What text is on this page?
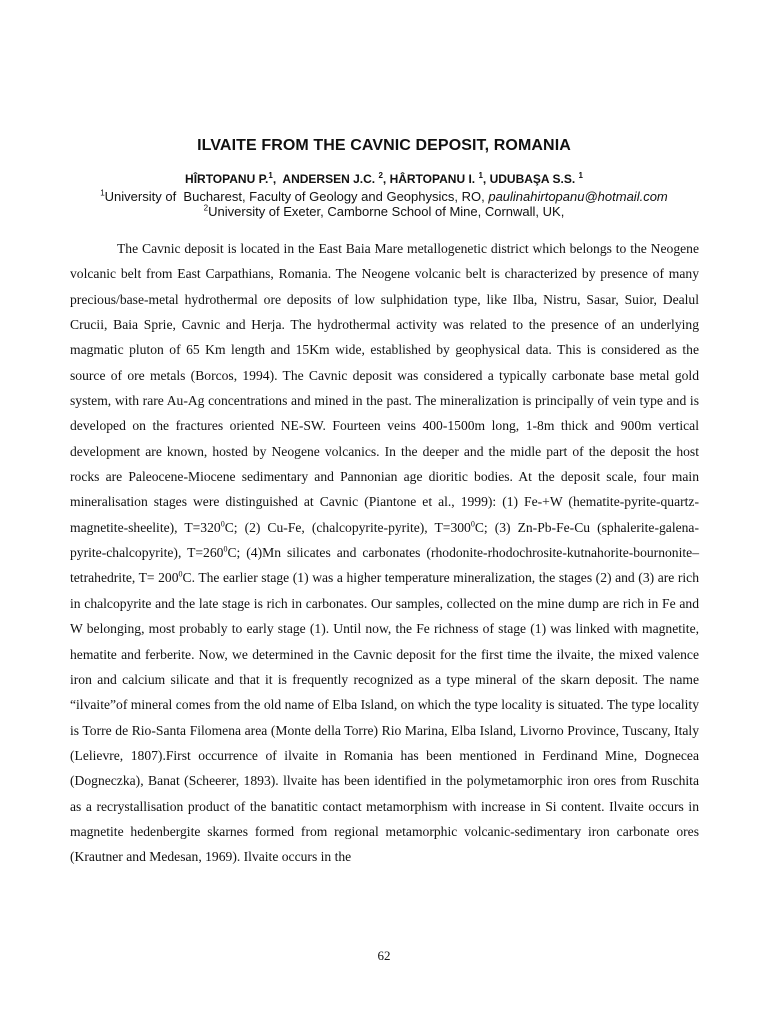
ILVAITE FROM THE CAVNIC DEPOSIT, ROMANIA
HÎRTOPANU P.$^1$,  ANDERSEN J.C. $^2$, HÂRTOPANU I. $^1$, UDUBAŞA S.S. $^1$
$^1$University of  Bucharest, Faculty of Geology and Geophysics, RO, paulinahirtopanu@hotmail.com
$^2$University of Exeter, Camborne School of Mine, Cornwall, UK,

The Cavnic deposit is located in the East Baia Mare metallogenetic district which belongs to the Neogene volcanic belt from East Carpathians, Romania. The Neogene volcanic belt is characterized by presence of many precious/base-metal hydrothermal ore deposits of low sulphidation type, like Ilba, Nistru, Sasar, Suior, Dealul Crucii, Baia Sprie, Cavnic and Herja. The hydrothermal activity was related to the presence of an underlying magmatic pluton of 65 Km length and 15Km wide, established by geophysical data. This is considered as the source of ore metals (Borcos, 1994). The Cavnic deposit was considered a typically carbonate base metal gold system, with rare Au-Ag concentrations and mined in the past. The mineralization is principally of vein type and is developed on the fractures oriented NE-SW. Fourteen veins 400-1500m long, 1-8m thick and 900m vertical development are known, hosted by Neogene volcanics. In the deeper and the midle part of the deposit the host rocks are Paleocene-Miocene sedimentary and Pannonian age dioritic bodies. At the deposit scale, four main mineralisation stages were distinguished at Cavnic (Piantone et al., 1999): (1) Fe-+W (hematite-pyrite-quartz-magnetite-sheelite), $T=320^0C$; (2) Cu-Fe, (chalcopyrite-pyrite), $T=300^0C$; (3) Zn-Pb-Fe-Cu (sphalerite-galena-pyrite-chalcopyrite), $T=260^0C$; (4)Mn silicates and carbonates (rhodonite-rhodochrosite-kutnahorite-bournonite–tetrahedrite, $T= 200^0C$. The earlier stage (1) was a higher temperature mineralization, the stages (2) and (3) are rich in chalcopyrite and the late stage is rich in carbonates. Our samples, collected on the mine dump are rich in Fe and W belonging, most probably to early stage (1). Until now, the Fe richness of stage (1) was linked with magnetite, hematite and ferberite. Now, we determined in the Cavnic deposit for the first time the ilvaite, the mixed valence iron and calcium silicate and that it is frequently recognized as a type mineral of the skarn deposit. The name “ilvaite”of mineral comes from the old name of Elba Island, on which the type locality is situated. The type locality is Torre de Rio-Santa Filomena area (Monte della Torre) Rio Marina, Elba Island, Livorno Province, Tuscany, Italy (Lelievre, 1807).First occurrence of ilvaite in Romania has been mentioned in Ferdinand Mine, Dognecea (Dogneczka), Banat (Scheerer, 1893). llvaite has been identified in the polymetamorphic iron ores from Ruschita as a recrystallisation product of the banatitic contact metamorphism with increase in Si content. Ilvaite occurs in magnetite hedenbergite skarnes formed from regional metamorphic volcanic-sedimentary iron carbonate ores (Krautner and Medesan, 1969). Ilvaite occurs in the

62
